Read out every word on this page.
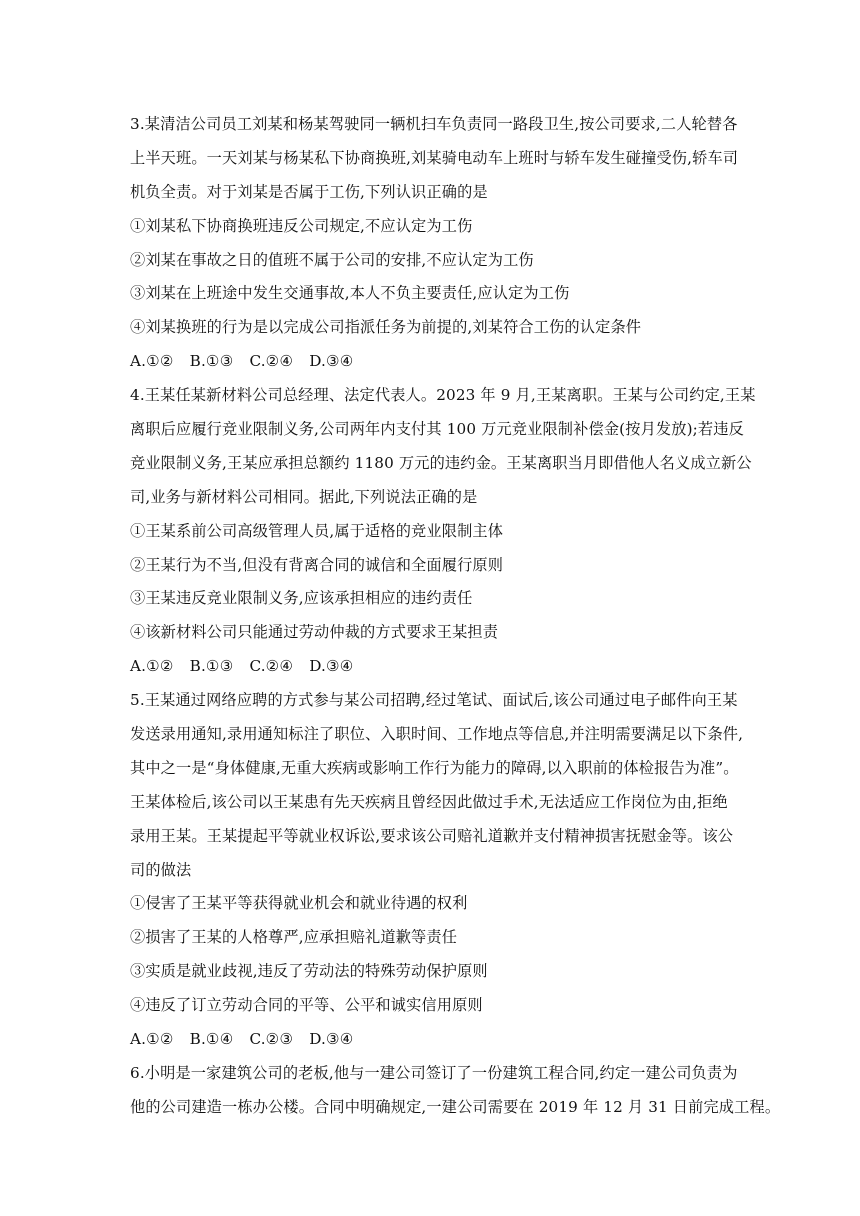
3.某清洁公司员工刘某和杨某驾驶同一辆机扫车负责同一路段卫生,按公司要求,二人轮替各
上半天班。一天刘某与杨某私下协商换班,刘某骑电动车上班时与轿车发生碰撞受伤,轿车司
机负全责。对于刘某是否属于工伤,下列认识正确的是
①刘某私下协商换班违反公司规定,不应认定为工伤
②刘某在事故之日的值班不属于公司的安排,不应认定为工伤
③刘某在上班途中发生交通事故,本人不负主要责任,应认定为工伤
④刘某换班的行为是以完成公司指派任务为前提的,刘某符合工伤的认定条件
A.①② B.①③ C.②④ D.③④
4.王某任某新材料公司总经理、法定代表人。2023 年 9 月,王某离职。王某与公司约定,王某
离职后应履行竞业限制义务,公司两年内支付其 100 万元竞业限制补偿金(按月发放);若违反
竞业限制义务,王某应承担总额约 1180 万元的违约金。王某离职当月即借他人名义成立新公
司,业务与新材料公司相同。据此,下列说法正确的是
①王某系前公司高级管理人员,属于适格的竞业限制主体
②王某行为不当,但没有背离合同的诚信和全面履行原则
③王某违反竞业限制义务,应该承担相应的违约责任
④该新材料公司只能通过劳动仲裁的方式要求王某担责
A.①② B.①③ C.②④ D.③④
5.王某通过网络应聘的方式参与某公司招聘,经过笔试、面试后,该公司通过电子邮件向王某
发送录用通知,录用通知标注了职位、入职时间、工作地点等信息,并注明需要满足以下条件,
其中之一是“身体健康,无重大疾病或影响工作行为能力的障碍,以入职前的体检报告为准”。
王某体检后,该公司以王某患有先天疾病且曾经因此做过手术,无法适应工作岗位为由,拒绝
录用王某。王某提起平等就业权诉讼,要求该公司赔礼道歉并支付精神损害抚慰金等。该公
司的做法
①侵害了王某平等获得就业机会和就业待遇的权利
②损害了王某的人格尊严,应承担赔礼道歉等责任
③实质是就业歧视,违反了劳动法的特殊劳动保护原则
④违反了订立劳动合同的平等、公平和诚实信用原则
A.①② B.①④ C.②③ D.③④
6.小明是一家建筑公司的老板,他与一建公司签订了一份建筑工程合同,约定一建公司负责为
他的公司建造一栋办公楼。合同中明确规定,一建公司需要在 2019 年 12 月 31 日前完成工程。
